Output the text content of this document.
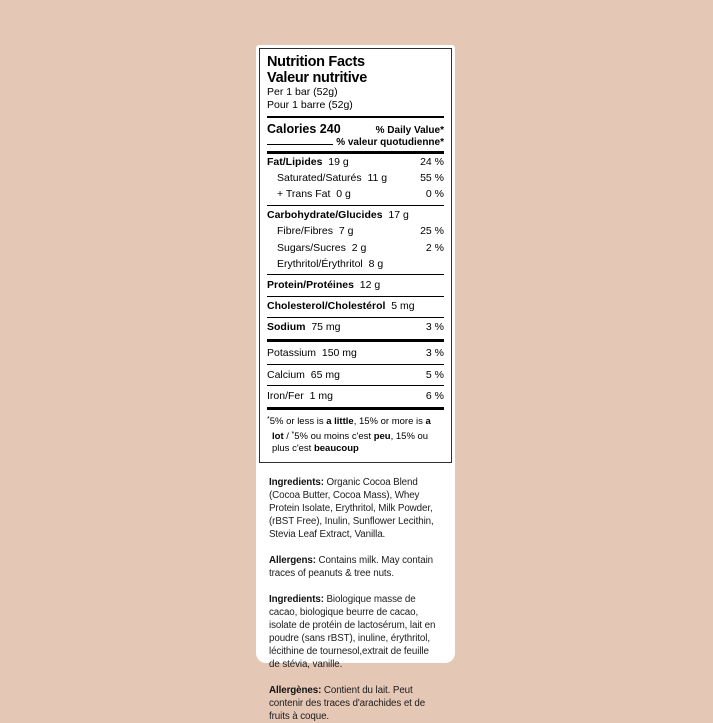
Nutrition Facts
Valeur nutritive
Per 1 bar (52g)
Pour 1 barre (52g)
Calories 240	% Daily Value*
% valeur quotudienne*
Fat/Lipides  19 g	24 %
Saturated/Saturés  11 g	55 %
+ Trans Fat  0 g	0 %
Carbohydrate/Glucides  17 g
Fibre/Fibres  7 g	25 %
Sugars/Sucres  2 g	2 %
Erythritol/Érythritol  8 g
Protein/Protéines  12 g
Cholesterol/Cholestérol  5 mg
Sodium  75 mg	3 %
Potassium  150 mg	3 %
Calcium  65 mg	5 %
Iron/Fer  1 mg	6 %
*5% or less is a little, 15% or more is a lot / *5% ou moins c'est peu, 15% ou plus c'est beaucoup

Ingredients: Organic Cocoa Blend (Cocoa Butter, Cocoa Mass), Whey Protein Isolate, Erythritol, Milk Powder, (rBST Free), Inulin, Sunflower Lecithin, Stevia Leaf Extract, Vanilla.

Allergens: Contains milk. May contain traces of peanuts & tree nuts.

Ingredients: Biologique masse de cacao, biologique beurre de cacao, isolate de protéin de lactosérum, lait en poudre (sans rBST), inuline, érythritol, lécithine de tournesol,extrait de feuille de stévia, vanille.

Allergènes: Contient du lait. Peut contenir des traces d'arachides et de fruits à coque.
